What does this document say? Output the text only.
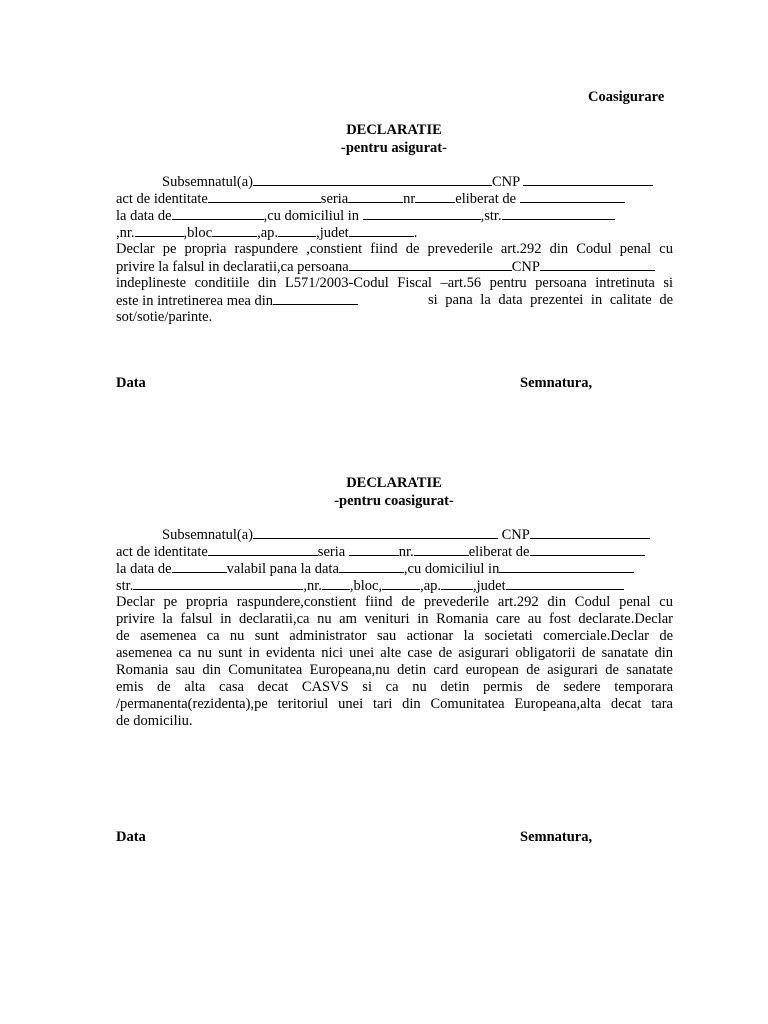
Coasigurare
DECLARATIE
-pentru asigurat-
Subsemnatul(a)	CNP
act de identitate	seria	nr	eliberat de
la data de	,cu domiciliul in	,str.
,nr.	,bloc	,ap.	,judet	.
Declar pe propria raspundere ,constient fiind de prevederile art.292 din Codul penal cu
privire la falsul in declaratii,ca persoana	CNP
indeplineste conditiile din L571/2003-Codul Fiscal –art.56 pentru persoana intretinuta si
este in intretinerea mea din	si pana la data prezentei in calitate de
sot/sotie/parinte.
Data	Semnatura,
DECLARATIE
-pentru coasigurat-
Subsemnatul(a)	CNP
act de identitate	seria	nr.	eliberat de
la data de	valabil pana la data	,cu domiciliul in
str.	,nr. ,bloc,	,ap. ,judet
Declar pe propria raspundere,constient fiind de prevederile art.292 din Codul penal cu
privire la falsul in declaratii,ca nu am venituri in Romania care au fost declarate.Declar
de asemenea ca nu sunt administrator sau actionar la societati comerciale.Declar de
asemenea ca nu sunt in evidenta nici unei alte case de asigurari obligatorii de sanatate din
Romania sau din Comunitatea Europeana,nu detin card european de asigurari de sanatate
emis de alta casa decat CASVS si ca nu detin permis de sedere temporara
/permanenta(rezidenta),pe teritoriul unei tari din Comunitatea Europeana,alta decat tara
de domiciliu.
Data	Semnatura,
